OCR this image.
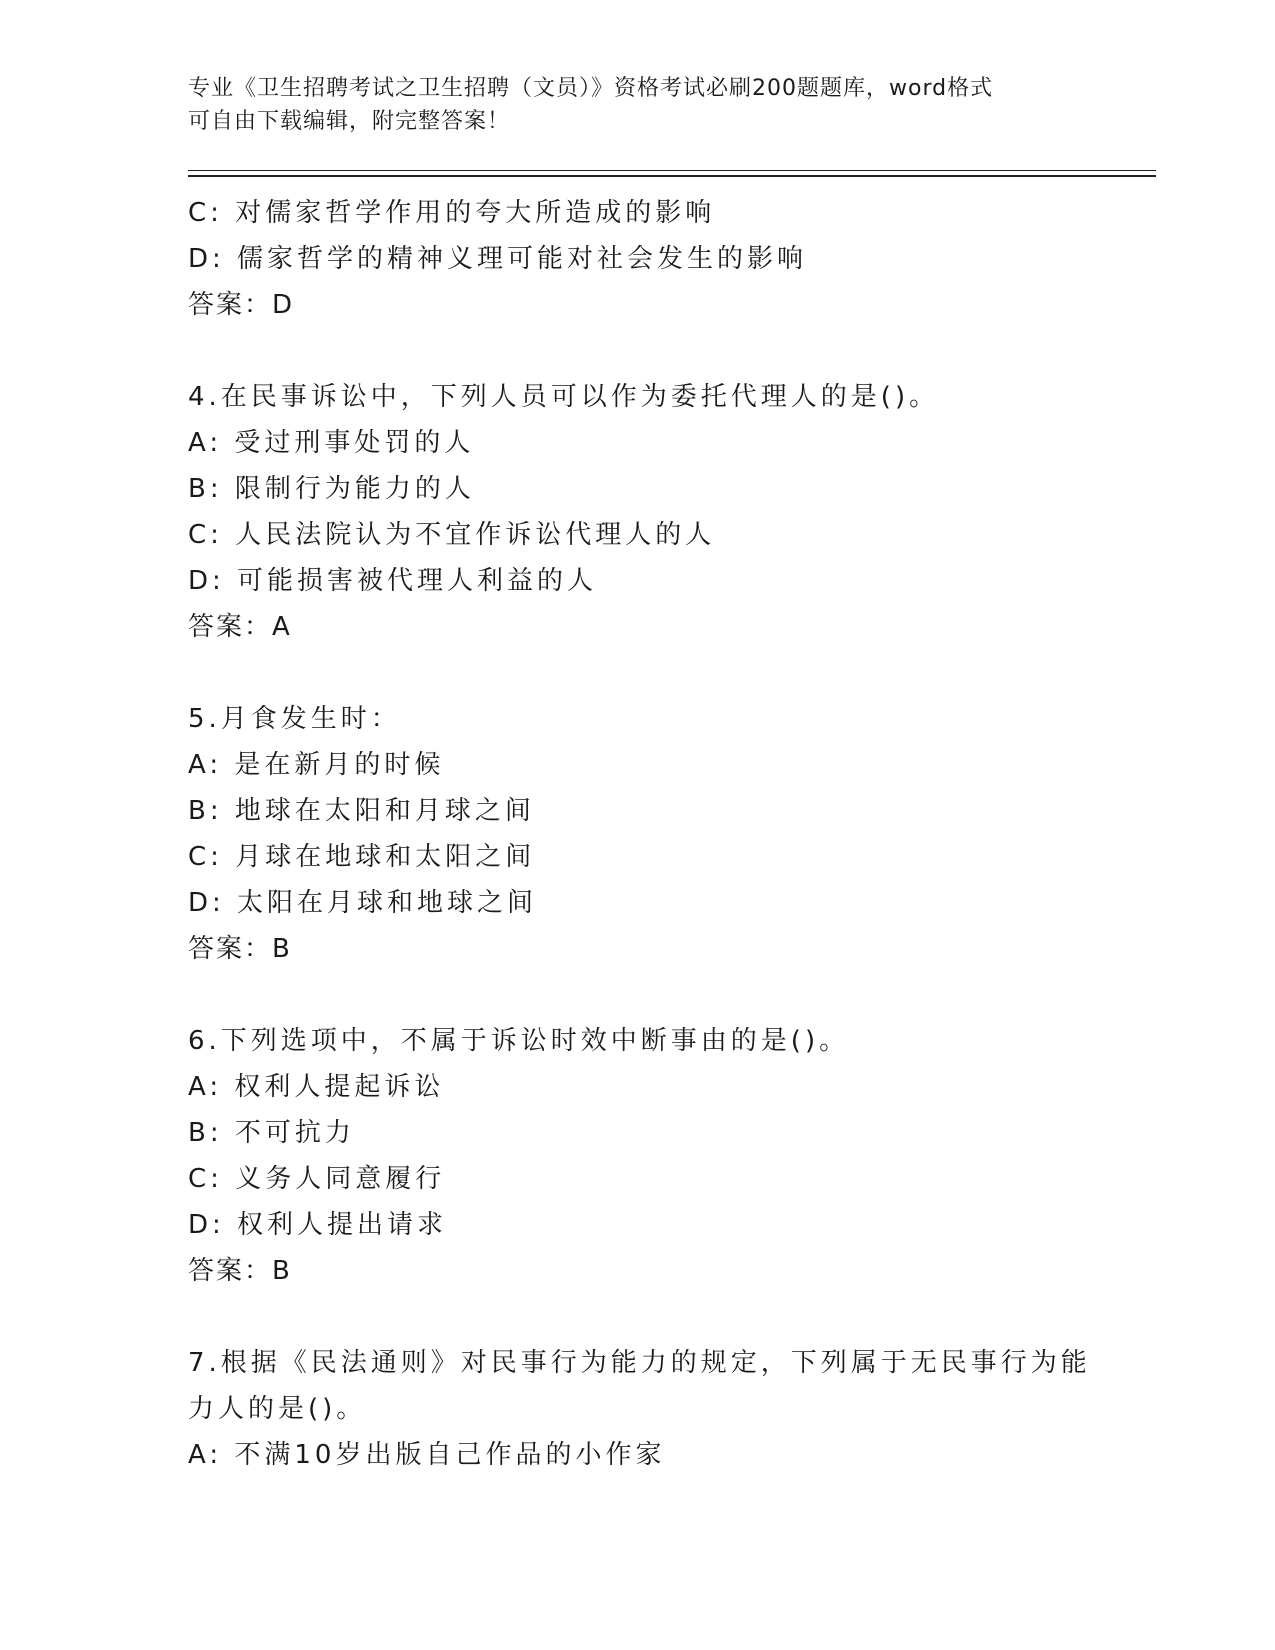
专业《卫生招聘考试之卫生招聘（文员）》资格考试必刷200题题库，word格式
可自由下载编辑，附完整答案！
C: 对儒家哲学作用的夸大所造成的影响
D: 儒家哲学的精神义理可能对社会发生的影响
答案：D
4.在民事诉讼中，下列人员可以作为委托代理人的是()。
A: 受过刑事处罚的人
B: 限制行为能力的人
C: 人民法院认为不宜作诉讼代理人的人
D: 可能损害被代理人利益的人
答案：A
5.月食发生时：
A: 是在新月的时候
B: 地球在太阳和月球之间
C: 月球在地球和太阳之间
D: 太阳在月球和地球之间
答案：B
6.下列选项中，不属于诉讼时效中断事由的是()。
A: 权利人提起诉讼
B: 不可抗力
C: 义务人同意履行
D: 权利人提出请求
答案：B
7.根据《民法通则》对民事行为能力的规定，下列属于无民事行为能
力人的是()。
A: 不满10岁出版自己作品的小作家
